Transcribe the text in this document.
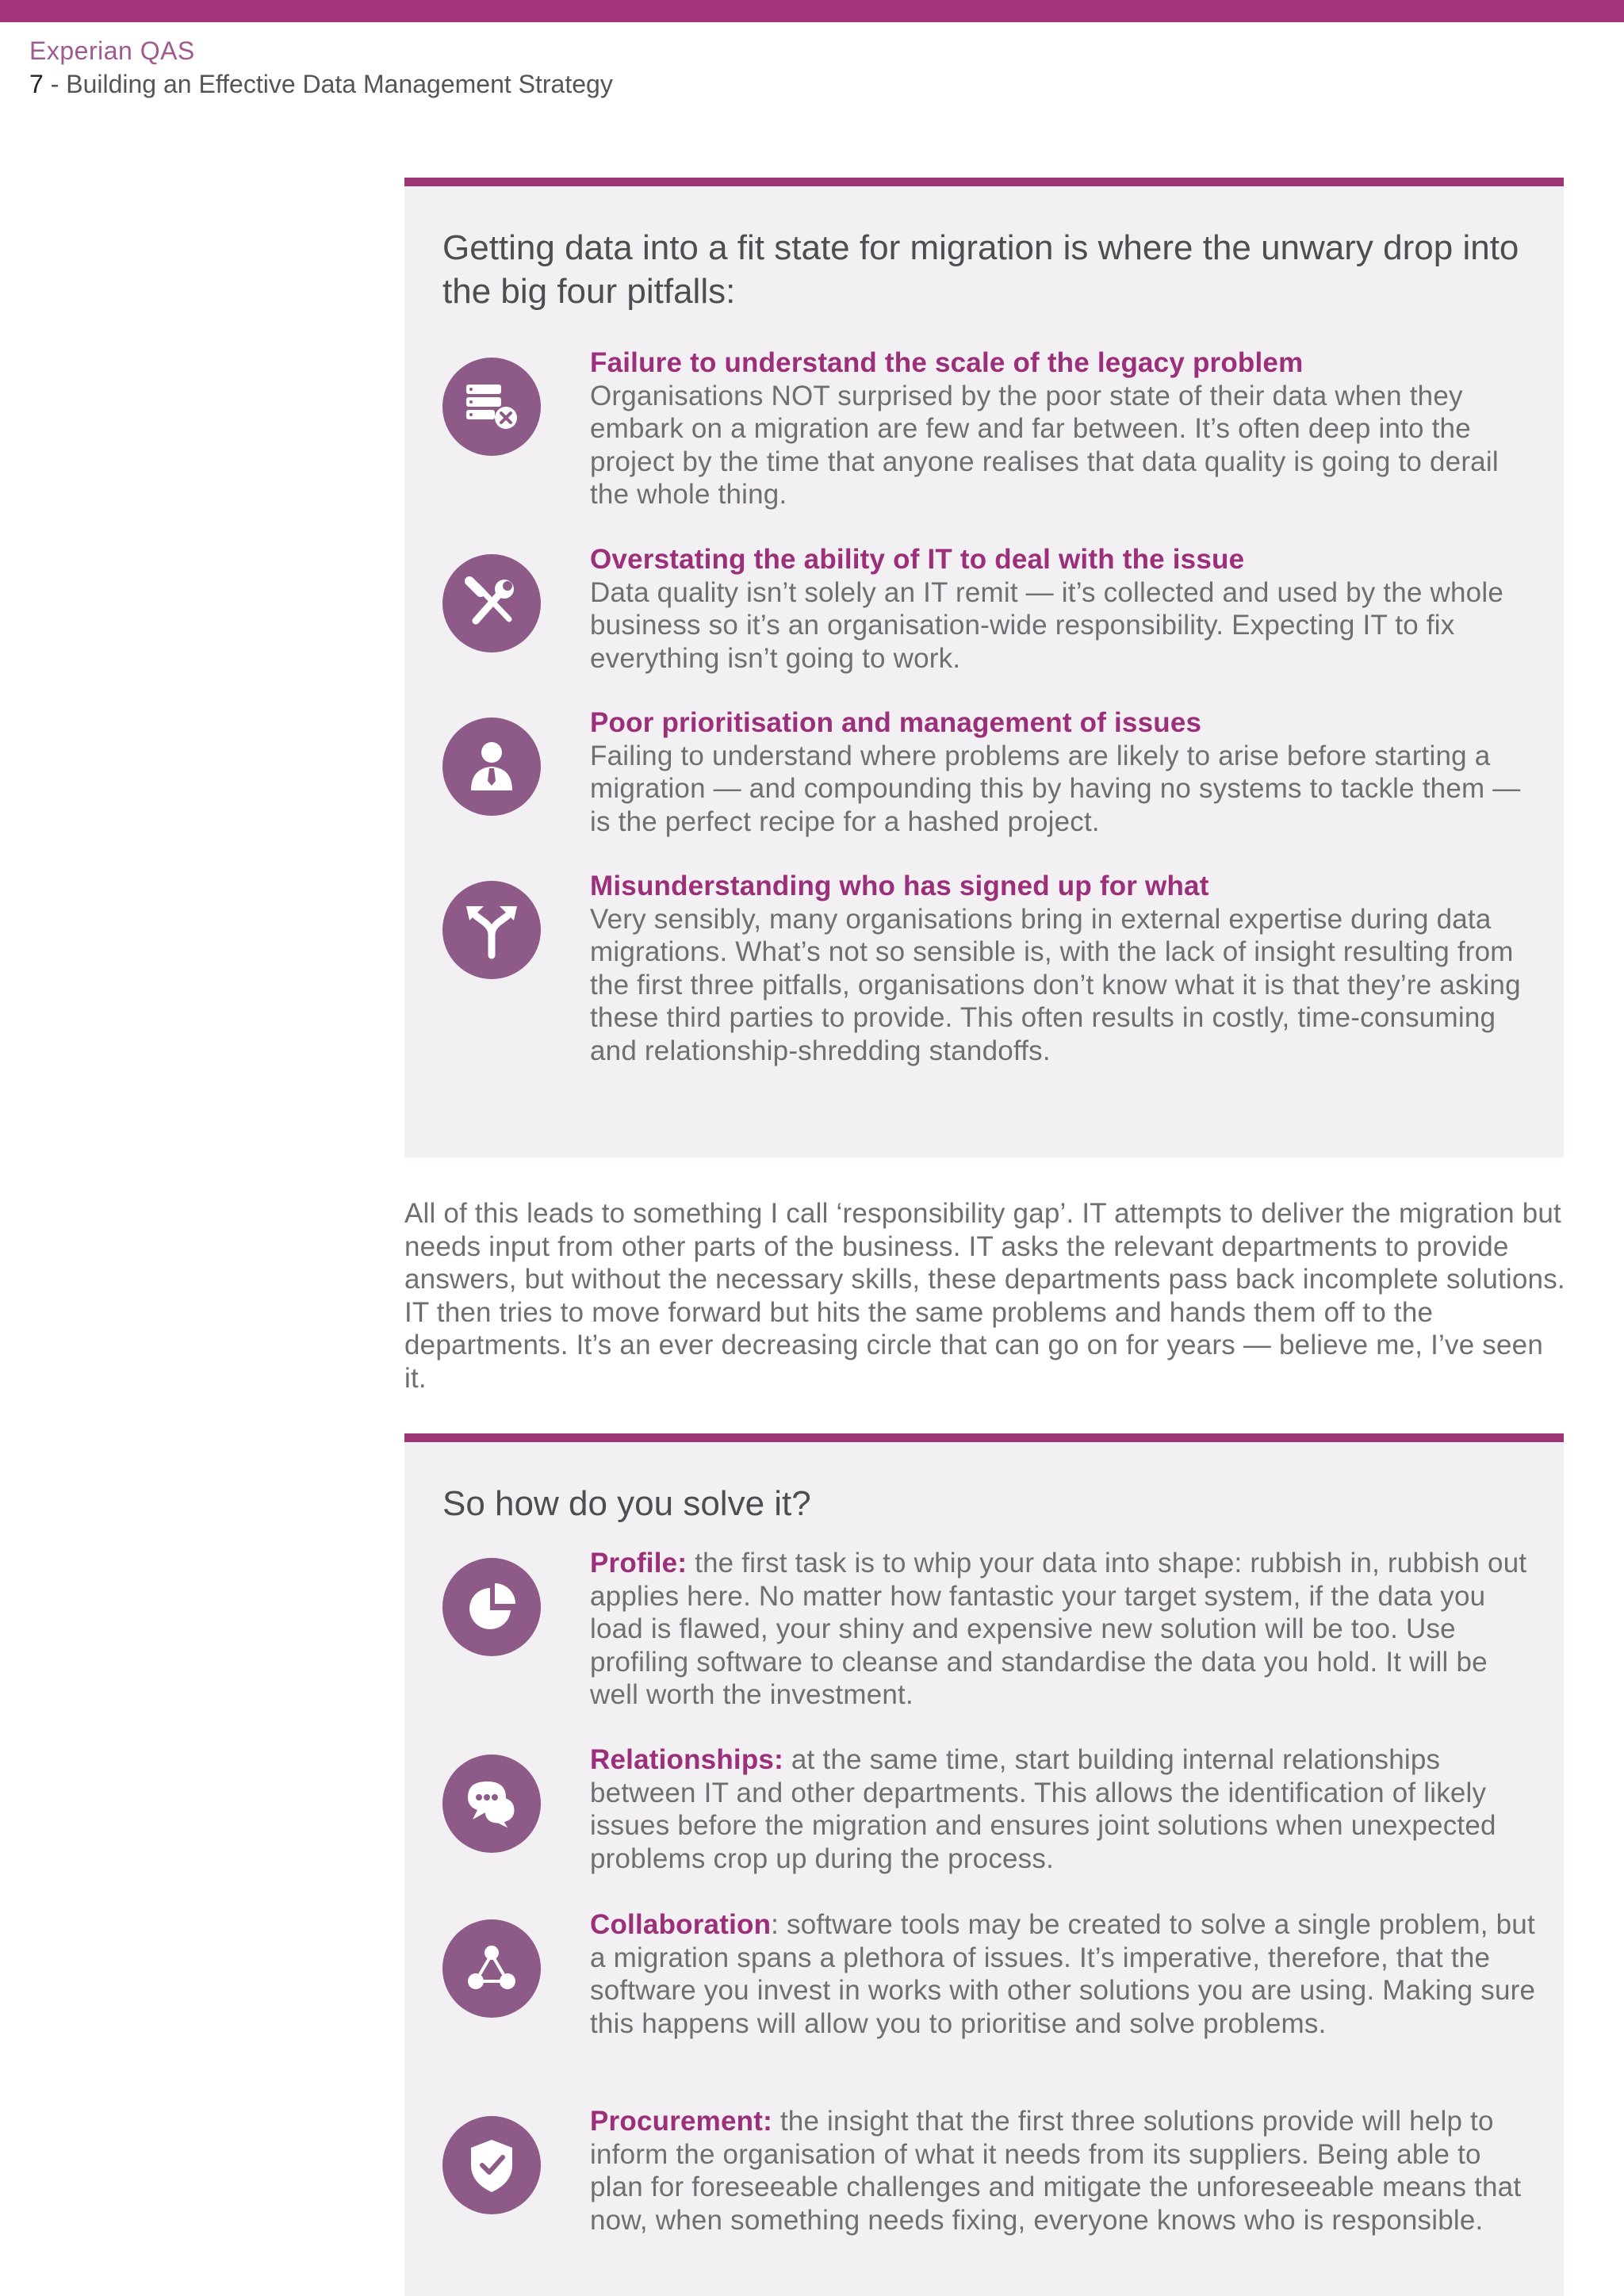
Experian QAS
7 - Building an Effective Data Management Strategy
Getting data into a fit state for migration is where the unwary drop into the big four pitfalls:
Failure to understand the scale of the legacy problem
Organisations NOT surprised by the poor state of their data when they embark on a migration are few and far between. It’s often deep into the project by the time that anyone realises that data quality is going to derail the whole thing.
Overstating the ability of IT to deal with the issue
Data quality isn’t solely an IT remit — it’s collected and used by the whole business so it’s an organisation-wide responsibility. Expecting IT to fix everything isn’t going to work.
Poor prioritisation and management of issues
Failing to understand where problems are likely to arise before starting a migration — and compounding this by having no systems to tackle them — is the perfect recipe for a hashed project.
Misunderstanding who has signed up for what
Very sensibly, many organisations bring in external expertise during data migrations. What’s not so sensible is, with the lack of insight resulting from the first three pitfalls, organisations don’t know what it is that they’re asking these third parties to provide. This often results in costly, time-consuming and relationship-shredding standoffs.

All of this leads to something I call ‘responsibility gap’. IT attempts to deliver the migration but needs input from other parts of the business. IT asks the relevant departments to provide answers, but without the necessary skills, these departments pass back incomplete solutions. IT then tries to move forward but hits the same problems and hands them off to the departments. It’s an ever decreasing circle that can go on for years — believe me, I’ve seen it.

So how do you solve it?
Profile: the first task is to whip your data into shape: rubbish in, rubbish out applies here. No matter how fantastic your target system, if the data you load is flawed, your shiny and expensive new solution will be too. Use profiling software to cleanse and standardise the data you hold. It will be well worth the investment.
Relationships: at the same time, start building internal relationships between IT and other departments. This allows the identification of likely issues before the migration and ensures joint solutions when unexpected problems crop up during the process.
Collaboration: software tools may be created to solve a single problem, but a migration spans a plethora of issues. It’s imperative, therefore, that the software you invest in works with other solutions you are using. Making sure this happens will allow you to prioritise and solve problems.
Procurement: the insight that the first three solutions provide will help to inform the organisation of what it needs from its suppliers. Being able to plan for foreseeable challenges and mitigate the unforeseeable means that now, when something needs fixing, everyone knows who is responsible.
